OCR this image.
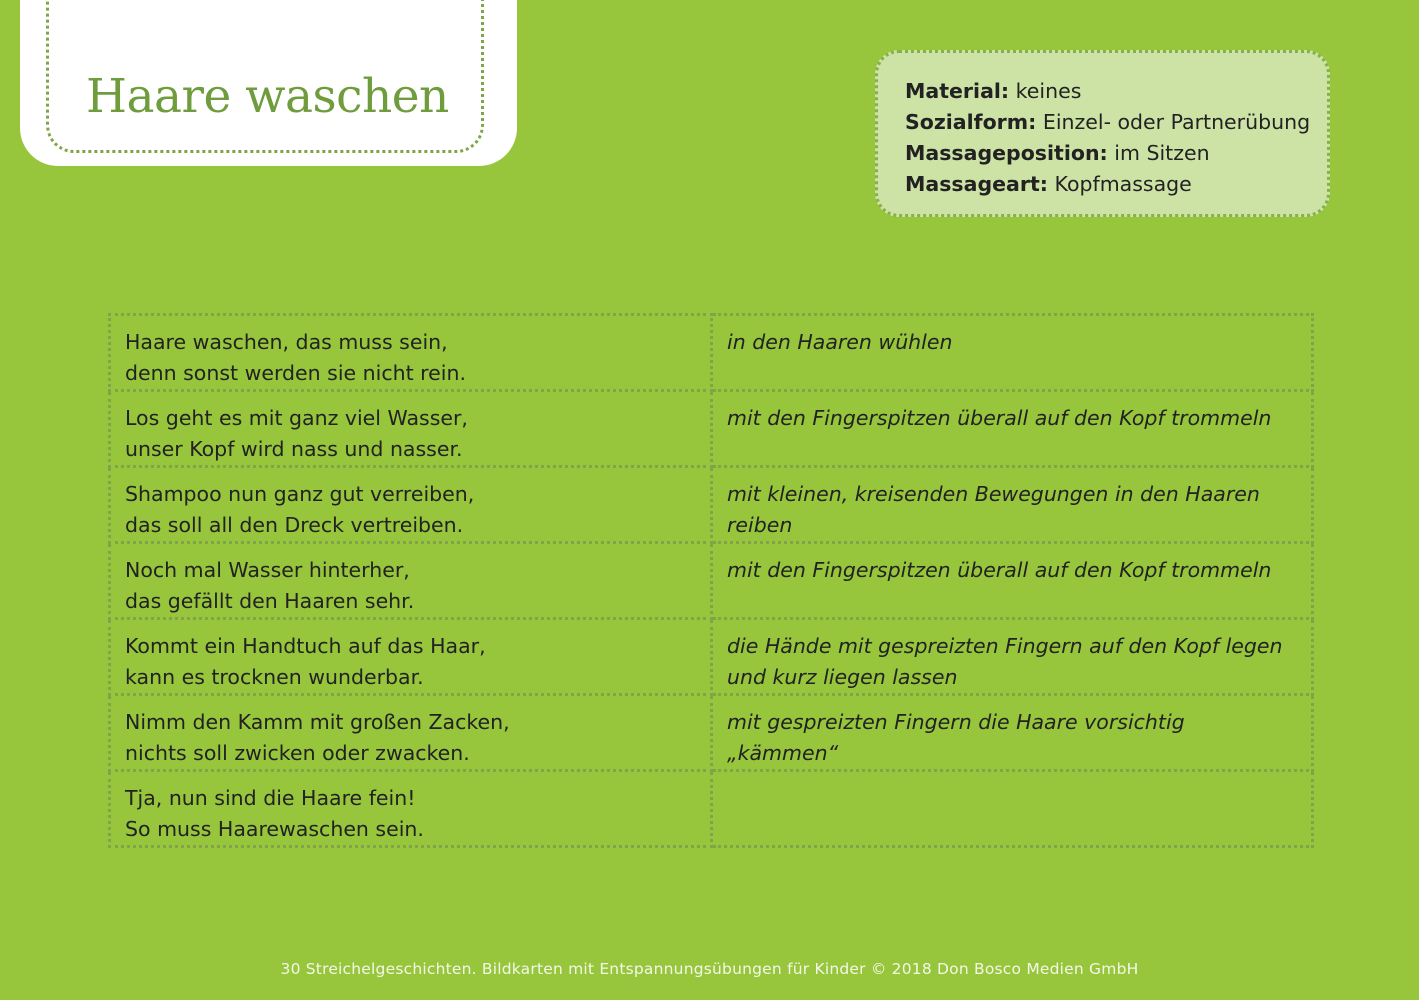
Haare waschen	Material: keines
Sozialform: Einzel- oder Partnerübung
Massageposition: im Sitzen
Massageart: Kopfmassage
Haare waschen, das muss sein,
denn sonst werden sie nicht rein.	in den Haaren wühlen

Los geht es mit ganz viel Wasser,
unser Kopf wird nass und nasser.	mit den Fingerspitzen überall auf den Kopf trommeln

Shampoo nun ganz gut verreiben,
das soll all den Dreck vertreiben.	mit kleinen, kreisenden Bewegungen in den Haaren reiben

Noch mal Wasser hinterher,
das gefällt den Haaren sehr.	mit den Fingerspitzen überall auf den Kopf trommeln

Kommt ein Handtuch auf das Haar,
kann es trocknen wunderbar.	die Hände mit gespreizten Fingern auf den Kopf legen und kurz liegen lassen

Nimm den Kamm mit großen Zacken,
nichts soll zwicken oder zwacken.	mit gespreizten Fingern die Haare vorsichtig „kämmen“

Tja, nun sind die Haare fein!
So muss Haarewaschen sein.	

30 Streichelgeschichten. Bildkarten mit Entspannungsübungen für Kinder © 2018 Don Bosco Medien GmbH
